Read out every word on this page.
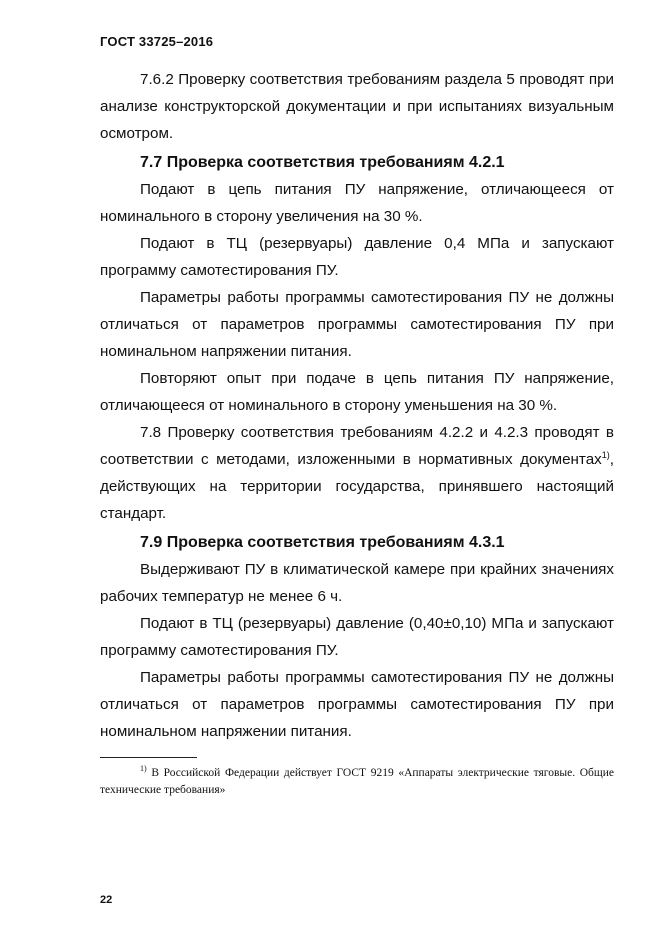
ГОСТ 33725–2016

7.6.2 Проверку соответствия требованиям раздела 5 проводят при анализе конструкторской документации и при испытаниях визуальным осмотром.

7.7 Проверка соответствия требованиям 4.2.1

Подают в цепь питания ПУ напряжение, отличающееся от номинального в сторону увеличения на 30 %.

Подают в ТЦ (резервуары) давление 0,4 МПа и запускают программу самотестирования ПУ.

Параметры работы программы самотестирования ПУ не должны отличаться от параметров программы самотестирования ПУ при номинальном напряжении питания.

Повторяют опыт при подаче в цепь питания ПУ напряжение, отличающееся от номинального в сторону уменьшения на 30 %.

7.8 Проверку соответствия требованиям 4.2.2 и 4.2.3 проводят в соответствии с методами, изложенными в нормативных документах$^{1)}$, действующих на территории государства, принявшего настоящий стандарт.

7.9 Проверка соответствия требованиям 4.3.1

Выдерживают ПУ в климатической камере при крайних значениях рабочих температур не менее 6 ч.

Подают в ТЦ (резервуары) давление (0,40±0,10) МПа и запускают программу самотестирования ПУ.

Параметры работы программы самотестирования ПУ не должны отличаться от параметров программы самотестирования ПУ при номинальном напряжении питания.

$^{1)}$ В Российской Федерации действует ГОСТ 9219 «Аппараты электрические тяговые. Общие технические требования»
22
